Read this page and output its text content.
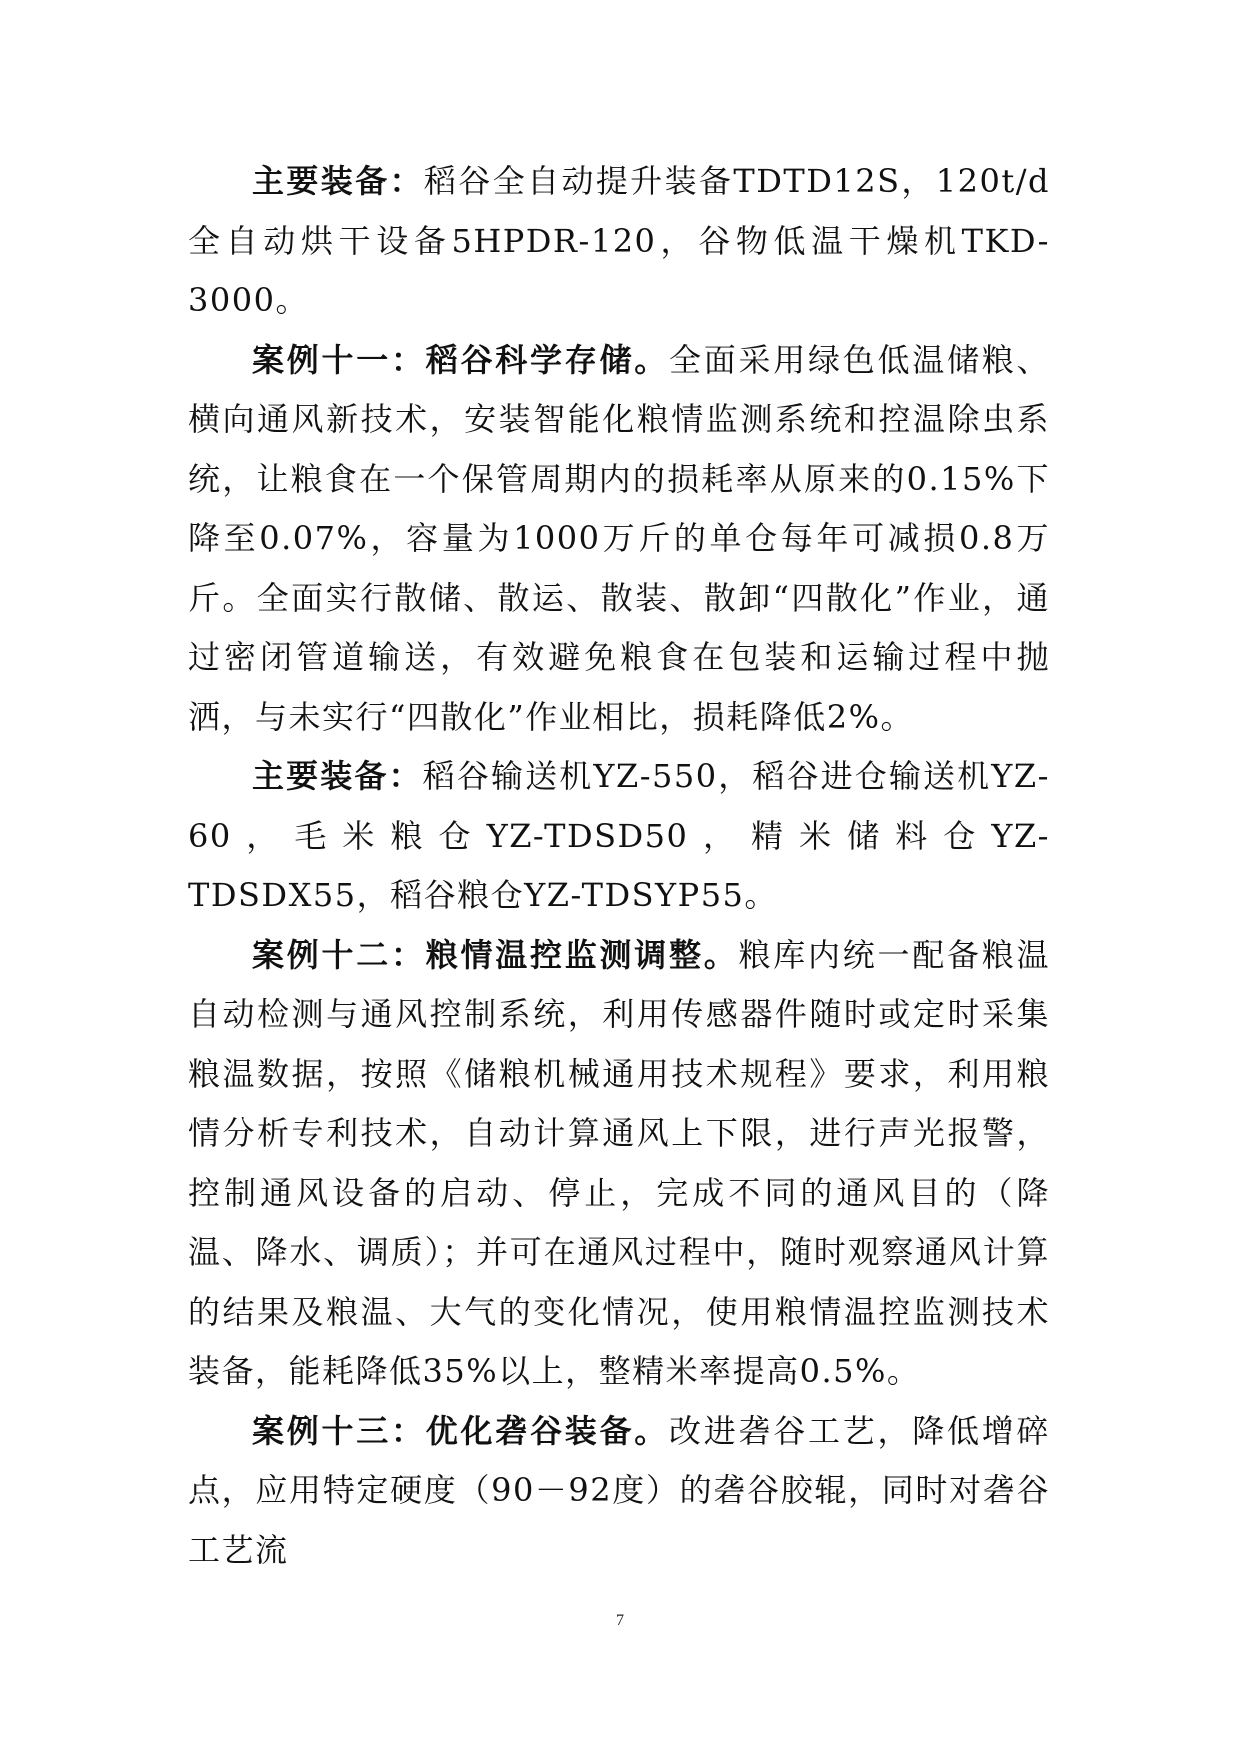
主要装备：稻谷全自动提升装备TDTD12S，120t/d全自动烘干设备5HPDR-120，谷物低温干燥机TKD-3000。

案例十一：稻谷科学存储。全面采用绿色低温储粮、横向通风新技术，安装智能化粮情监测系统和控温除虫系统，让粮食在一个保管周期内的损耗率从原来的0.15%下降至0.07%，容量为1000万斤的单仓每年可减损0.8万斤。全面实行散储、散运、散装、散卸“四散化”作业，通过密闭管道输送，有效避免粮食在包装和运输过程中抛洒，与未实行“四散化”作业相比，损耗降低2%。

主要装备：稻谷输送机YZ-550，稻谷进仓输送机YZ-60，毛米粮仓YZ-TDSD50，精米储料仓YZ-TDSDX55，稻谷粮仓YZ-TDSYP55。

案例十二：粮情温控监测调整。粮库内统一配备粮温自动检测与通风控制系统，利用传感器件随时或定时采集粮温数据，按照《储粮机械通用技术规程》要求，利用粮情分析专利技术，自动计算通风上下限，进行声光报警，控制通风设备的启动、停止，完成不同的通风目的（降温、降水、调质）；并可在通风过程中，随时观察通风计算的结果及粮温、大气的变化情况，使用粮情温控监测技术装备，能耗降低35%以上，整精米率提高0.5%。

案例十三：优化砻谷装备。改进砻谷工艺，降低增碎点，应用特定硬度（90－92度）的砻谷胶辊，同时对砻谷工艺流

7
